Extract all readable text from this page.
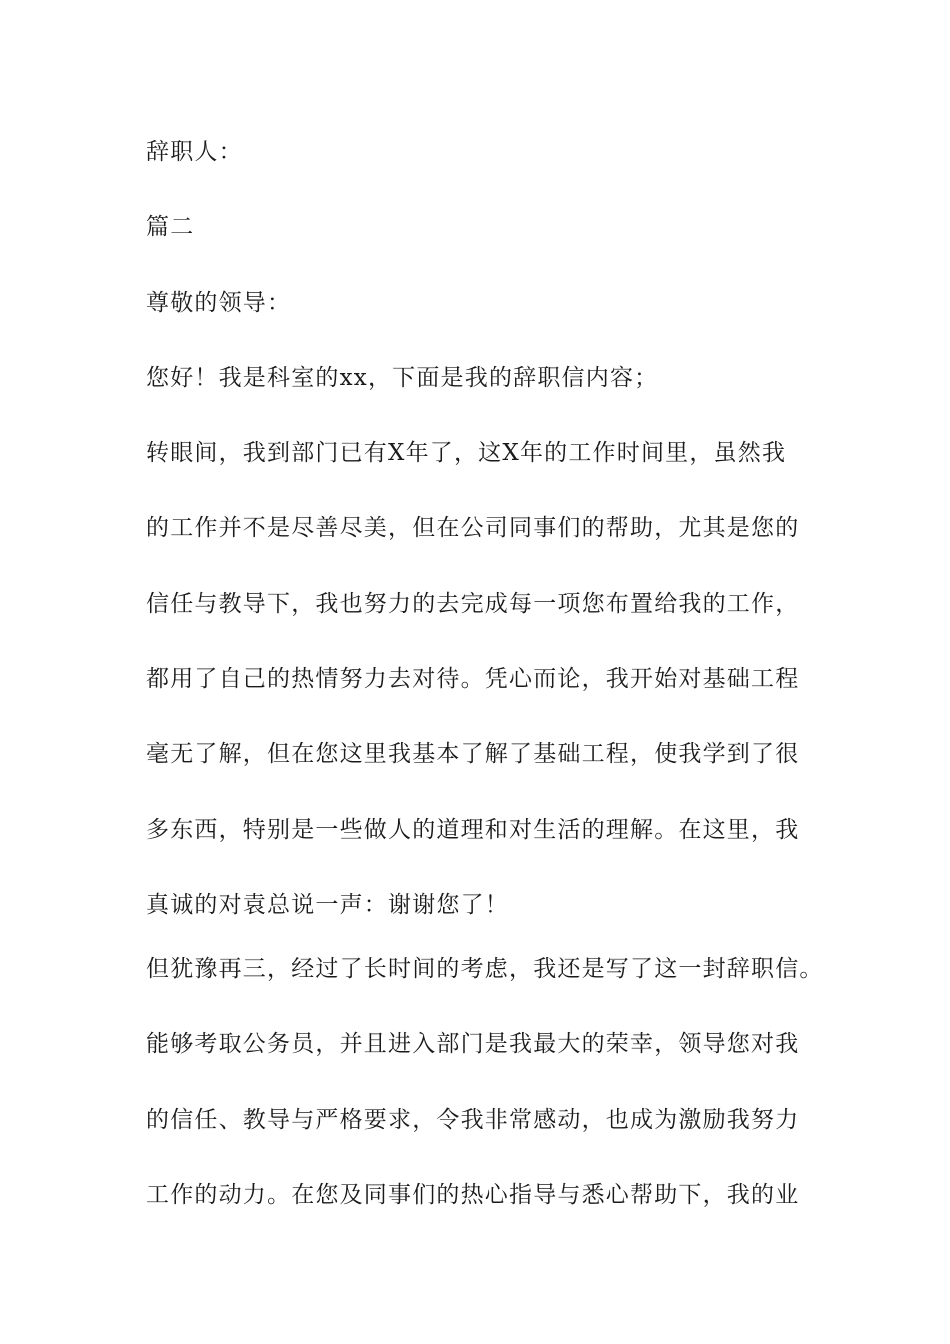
辞职人：
篇二
尊敬的领导：
您好！我是科室的xx，下面是我的辞职信内容；
转眼间，我到部门已有X年了，这X年的工作时间里，虽然我
的工作并不是尽善尽美，但在公司同事们的帮助，尤其是您的
信任与教导下，我也努力的去完成每一项您布置给我的工作，
都用了自己的热情努力去对待。凭心而论，我开始对基础工程
毫无了解，但在您这里我基本了解了基础工程，使我学到了很
多东西，特别是一些做人的道理和对生活的理解。在这里，我
真诚的对袁总说一声：谢谢您了！
但犹豫再三，经过了长时间的考虑，我还是写了这一封辞职信。
能够考取公务员，并且进入部门是我最大的荣幸，领导您对我
的信任、教导与严格要求，令我非常感动，也成为激励我努力
工作的动力。在您及同事们的热心指导与悉心帮助下，我的业
